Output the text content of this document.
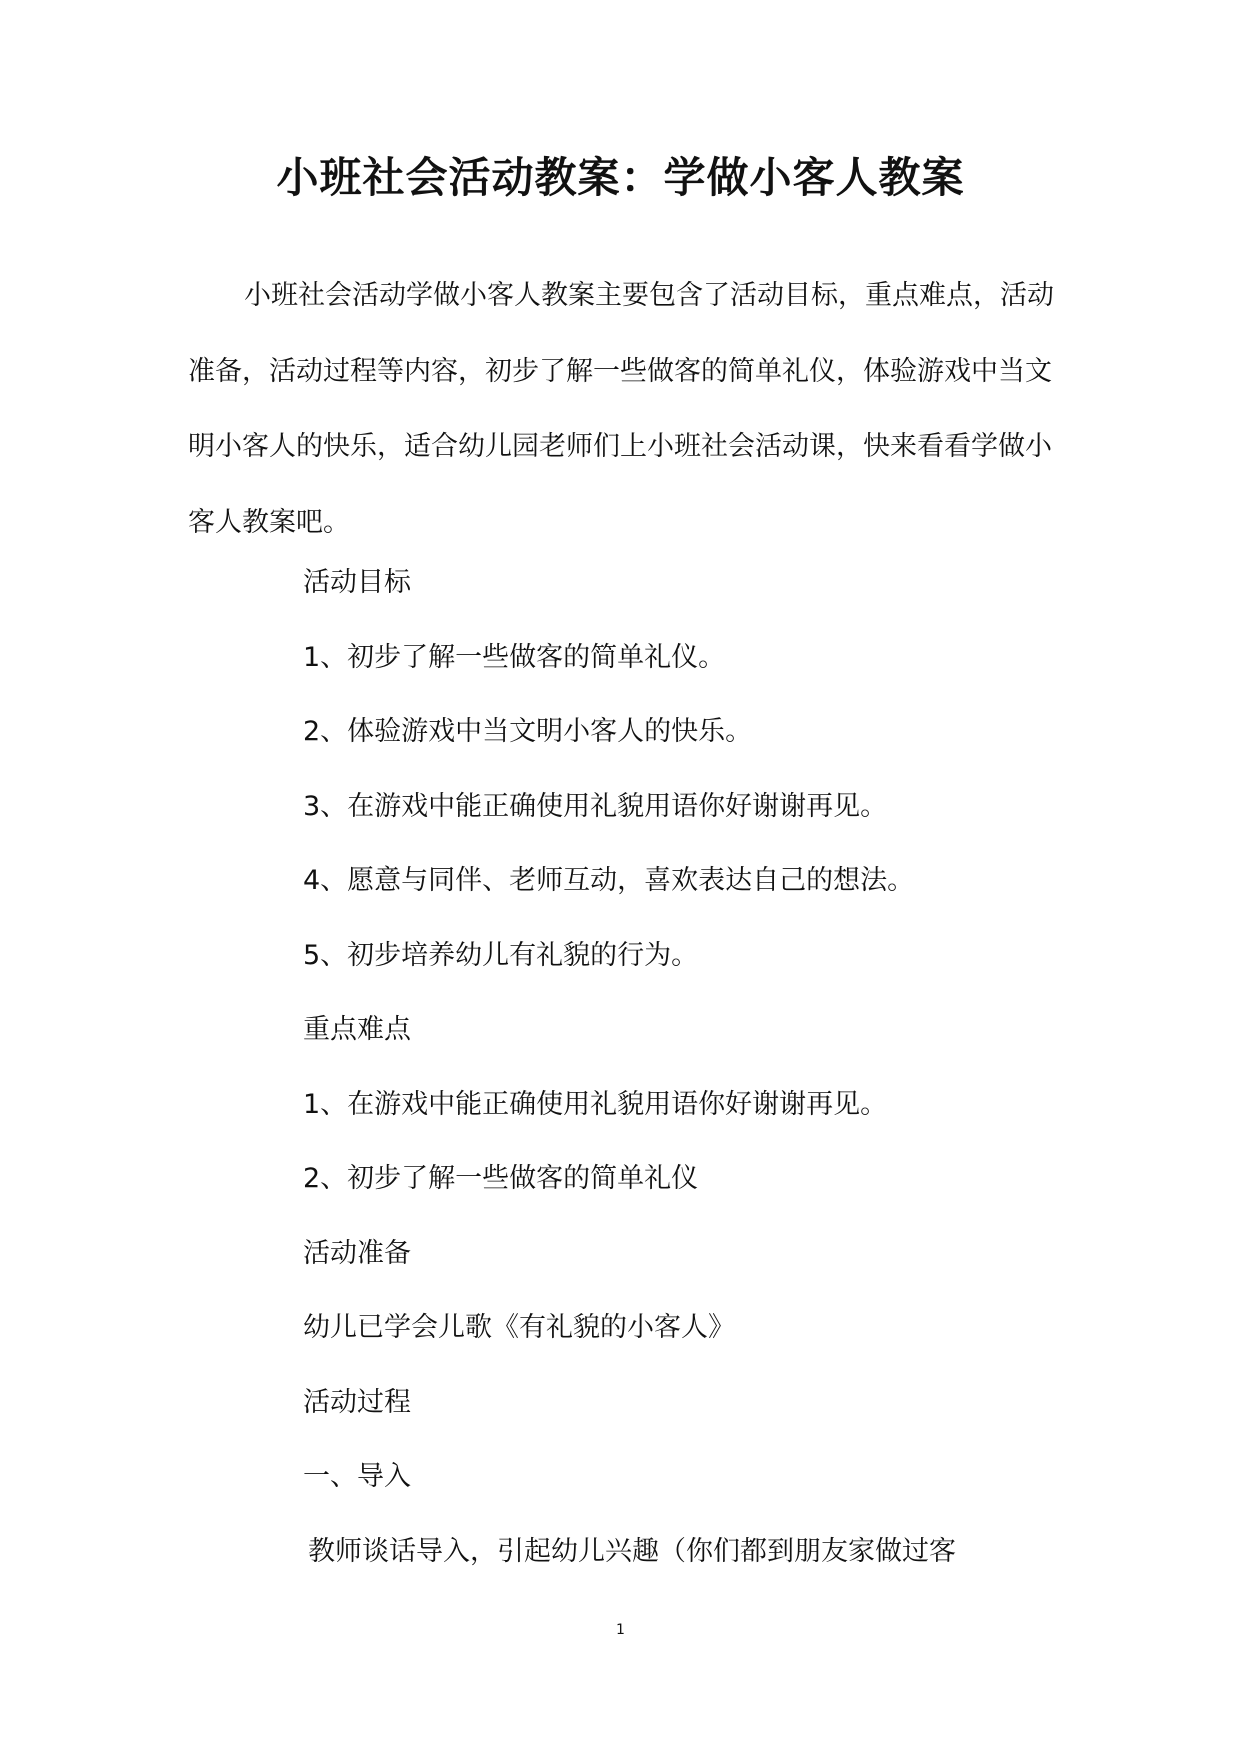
小班社会活动教案：学做小客人教案

小班社会活动学做小客人教案主要包含了活动目标，重点难点，活动准备，活动过程等内容，初步了解一些做客的简单礼仪，体验游戏中当文明小客人的快乐，适合幼儿园老师们上小班社会活动课，快来看看学做小客人教案吧。

活动目标
1、初步了解一些做客的简单礼仪。
2、体验游戏中当文明小客人的快乐。
3、在游戏中能正确使用礼貌用语你好谢谢再见。
4、愿意与同伴、老师互动，喜欢表达自己的想法。
5、初步培养幼儿有礼貌的行为。
重点难点
1、在游戏中能正确使用礼貌用语你好谢谢再见。
2、初步了解一些做客的简单礼仪
活动准备
幼儿已学会儿歌《有礼貌的小客人》
活动过程
一、导入
教师谈话导入，引起幼儿兴趣（你们都到朋友家做过客
1
